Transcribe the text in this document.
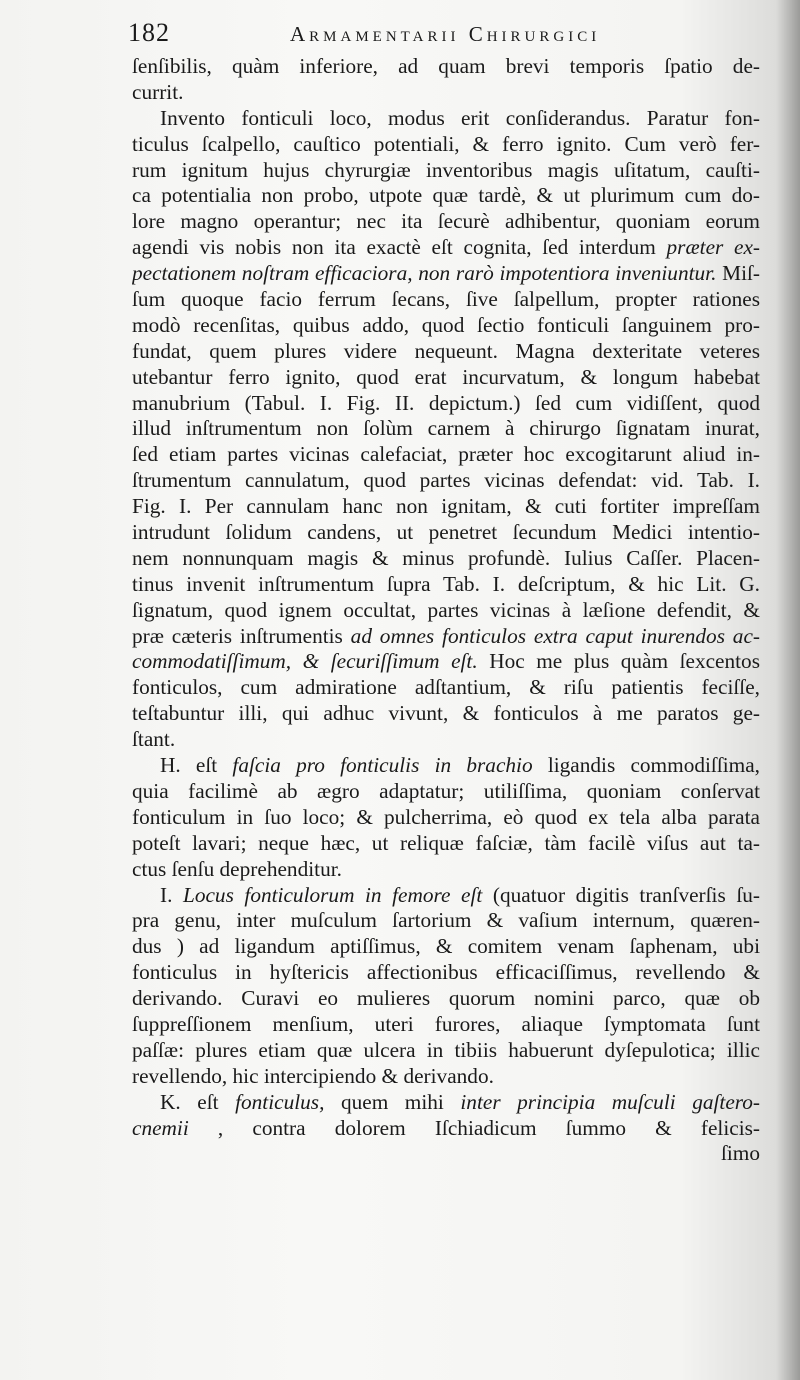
182	Armamentarii Chirurgici
ſenſibilis, quàm inferiore, ad quam brevi temporis ſpatio de-
currit.
Invento fonticuli loco, modus erit conſiderandus. Paratur fon-
ticulus ſcalpello, cauſtico potentiali, & ferro ignito. Cum verò fer-
rum ignitum hujus chyrurgiæ inventoribus magis uſitatum, cauſti-
ca potentialia non probo, utpote quæ tardè, & ut plurimum cum do-
lore magno operantur; nec ita ſecurè adhibentur, quoniam eorum
agendi vis nobis non ita exactè eſt cognita, ſed interdum præter ex-
pectationem noſtram efficaciora, non rarò impotentiora inveniuntur. Miſ-
ſum quoque facio ferrum ſecans, ſive ſalpellum, propter rationes
modò recenſitas, quibus addo, quod ſectio fonticuli ſanguinem pro-
fundat, quem plures videre nequeunt. Magna dexteritate veteres
utebantur ferro ignito, quod erat incurvatum, & longum habebat
manubrium (Tabul. I. Fig. II. depictum.) ſed cum vidiſſent, quod
illud inſtrumentum non ſolùm carnem à chirurgo ſignatam inurat,
ſed etiam partes vicinas calefaciat, præter hoc excogitarunt aliud in-
ſtrumentum cannulatum, quod partes vicinas defendat: vid. Tab. I.
Fig. I. Per cannulam hanc non ignitam, & cuti fortiter impreſſam
intrudunt ſolidum candens, ut penetret ſecundum Medici intentio-
nem nonnunquam magis & minus profundè. Iulius Caſſer. Placen-
tinus invenit inſtrumentum ſupra Tab. I. deſcriptum, & hic Lit. G.
ſignatum, quod ignem occultat, partes vicinas à læſione defendit, &
præ cæteris inſtrumentis ad omnes fonticulos extra caput inurendos ac-
commodatiſſimum, & ſecuriſſimum eſt. Hoc me plus quàm ſexcentos
fonticulos, cum admiratione adſtantium, & riſu patientis feciſſe,
teſtabuntur illi, qui adhuc vivunt, & fonticulos à me paratos ge-
ſtant.
H. eſt faſcia pro fonticulis in brachio ligandis commodiſſima,
quia facilimè ab ægro adaptatur; utiliſſima, quoniam conſervat
fonticulum in ſuo loco; & pulcherrima, eò quod ex tela alba parata
poteſt lavari; neque hæc, ut reliquæ faſciæ, tàm facilè viſus aut ta-
ctus ſenſu deprehenditur.
I. Locus fonticulorum in femore eſt (quatuor digitis tranſverſis ſu-
pra genu, inter muſculum ſartorium & vaſium internum, quæren-
dus ) ad ligandum aptiſſimus, & comitem venam ſaphenam, ubi
fonticulus in hyſtericis affectionibus efficaciſſimus, revellendo &
derivando. Curavi eo mulieres quorum nomini parco, quæ ob
ſuppreſſionem menſium, uteri furores, aliaque ſymptomata ſunt
paſſæ: plures etiam quæ ulcera in tibiis habuerunt dyſepulotica; illic
revellendo, hic intercipiendo & derivando.
K. eſt fonticulus, quem mihi inter principia muſculi gaſtero-
cnemii , contra dolorem Iſchiadicum ſummo & felicis-
ſimo
